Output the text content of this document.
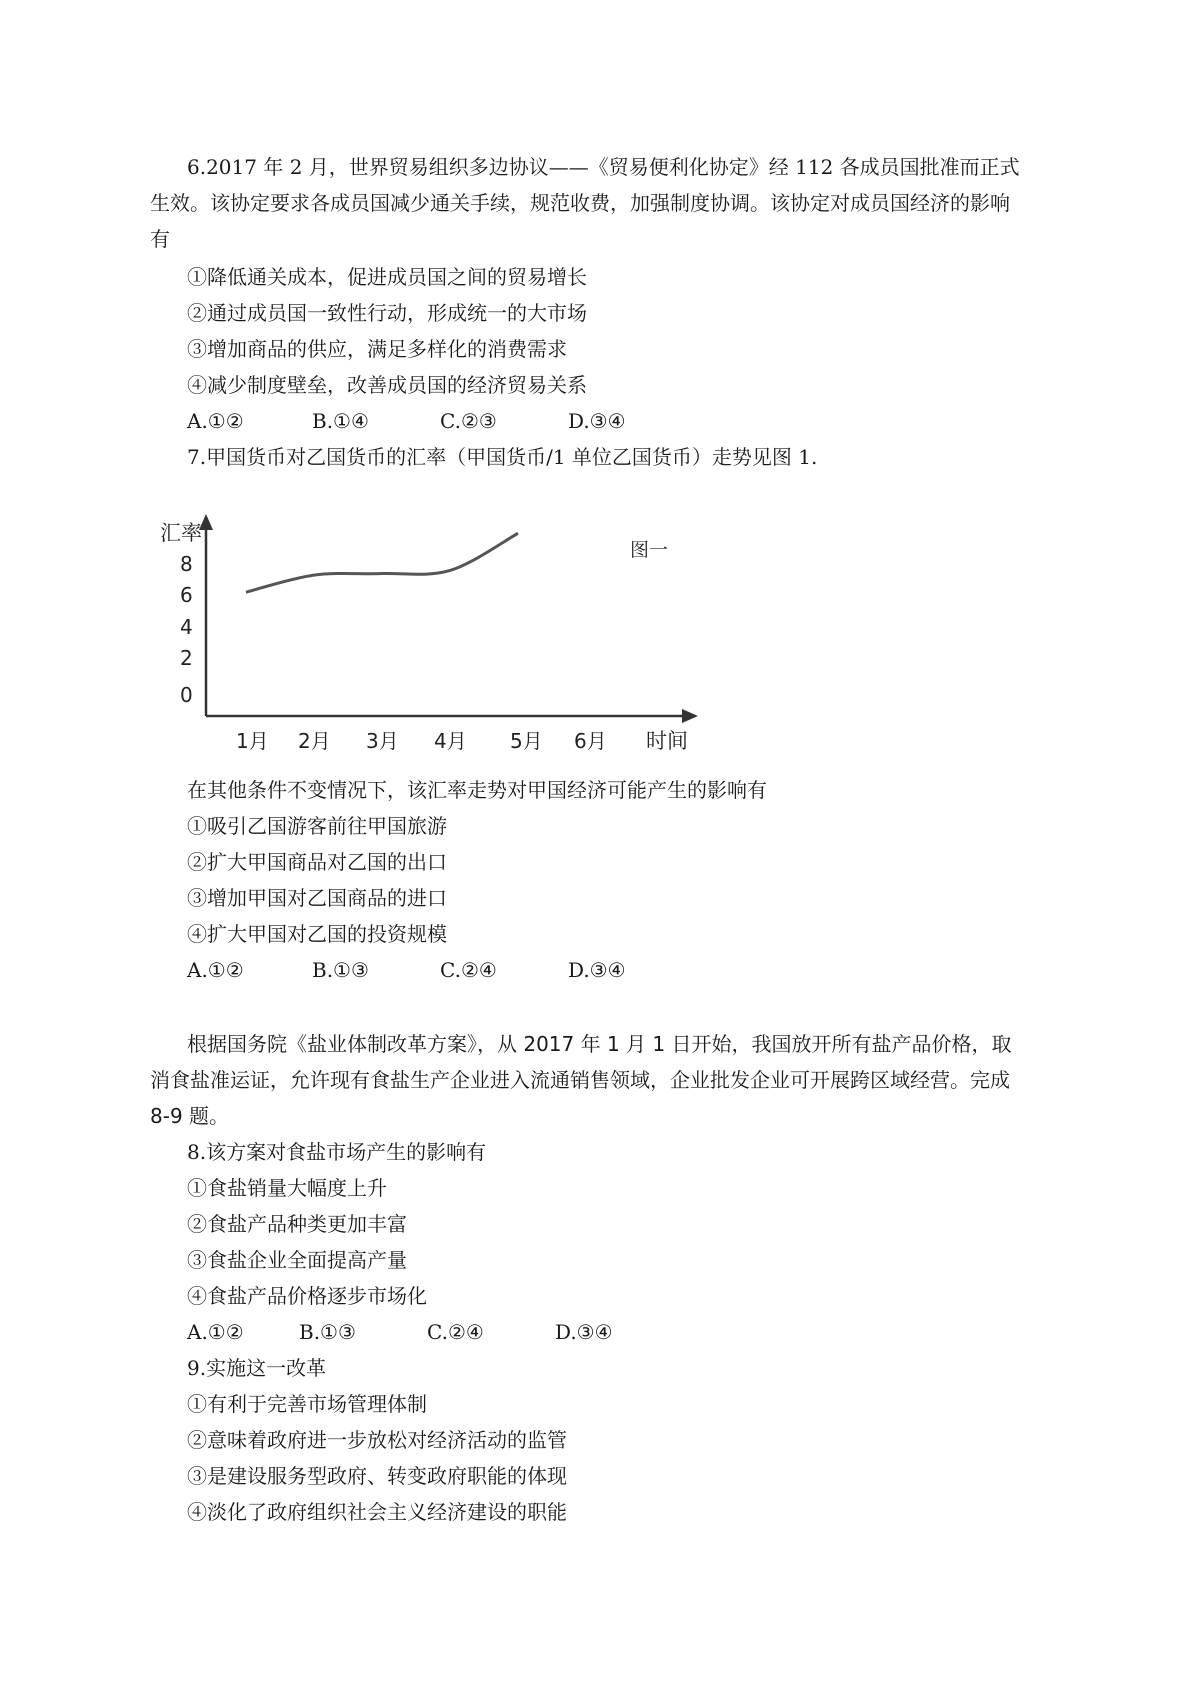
6.2017 年 2 月，世界贸易组织多边协议——《贸易便利化协定》经 112 各成员国批准而正式
生效。该协定要求各成员国减少通关手续，规范收费，加强制度协调。该协定对成员国经济的影响
有
①降低通关成本，促进成员国之间的贸易增长
②通过成员国一致性行动，形成统一的大市场
③增加商品的供应，满足多样化的消费需求
④减少制度壁垒，改善成员国的经济贸易关系
A.①②	B.①④	C.②③	D.③④
7.甲国货币对乙国货币的汇率（甲国货币/1 单位乙国货币）走势见图 1.
汇率
时间
图一
8
6
4
2
0
1月 2月 3月 4月 5月 6月
在其他条件不变情况下，该汇率走势对甲国经济可能产生的影响有
①吸引乙国游客前往甲国旅游
②扩大甲国商品对乙国的出口
③增加甲国对乙国商品的进口
④扩大甲国对乙国的投资规模
A.①②	B.①③	C.②④	D.③④
根据国务院《盐业体制改革方案》，从 2017 年 1 月 1 日开始，我国放开所有盐产品价格，取
消食盐准运证，允许现有食盐生产企业进入流通销售领域，企业批发企业可开展跨区域经营。完成
8-9 题。
8.该方案对食盐市场产生的影响有
①食盐销量大幅度上升
②食盐产品种类更加丰富
③食盐企业全面提高产量
④食盐产品价格逐步市场化
A.①②	B.①③	C.②④	D.③④
9.实施这一改革
①有利于完善市场管理体制
②意味着政府进一步放松对经济活动的监管
③是建设服务型政府、转变政府职能的体现
④淡化了政府组织社会主义经济建设的职能
